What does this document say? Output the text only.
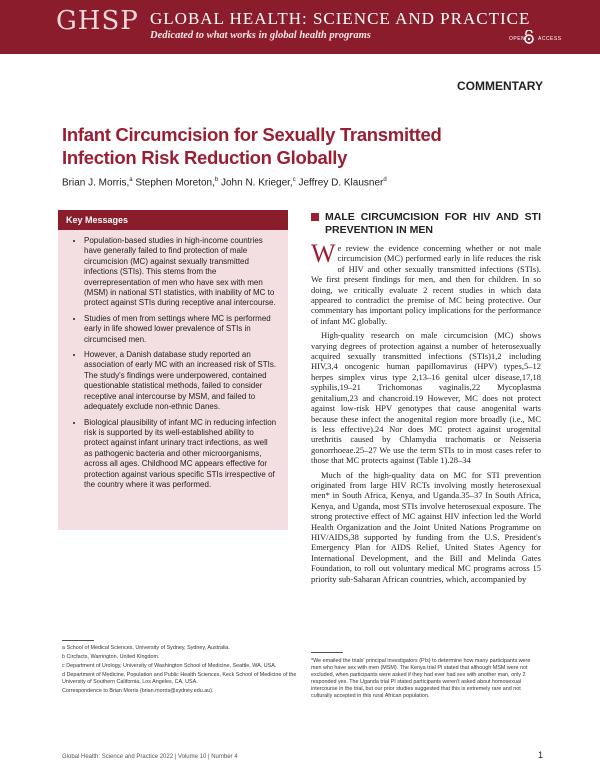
GHSP GLOBAL HEALTH: SCIENCE AND PRACTICE
Dedicated to what works in global health programs	OPEN	ACCESS
COMMENTARY
Infant Circumcision for Sexually Transmitted Infection Risk Reduction Globally
Brian J. Morris,$^a$ Stephen Moreton,$^b$ John N. Krieger,$^c$ Jeffrey D. Klausner$^d$
Key Messages
• Population-based studies in high-income countries have generally failed to find protection of male circumcision (MC) against sexually transmitted infections (STIs). This stems from the overrepresentation of men who have sex with men (MSM) in national STI statistics, with inability of MC to protect against STIs during receptive anal intercourse.
• Studies of men from settings where MC is performed early in life showed lower prevalence of STIs in circumcised men.
• However, a Danish database study reported an association of early MC with an increased risk of STIs. The study's findings were underpowered, contained questionable statistical methods, failed to consider receptive anal intercourse by MSM, and failed to adequately exclude non-ethnic Danes.
• Biological plausibility of infant MC in reducing infection risk is supported by its well-established ability to protect against infant urinary tract infections, as well as pathogenic bacteria and other microorganisms, across all ages. Childhood MC appears effective for protection against various specific STIs irrespective of the country where it was performed.

a School of Medical Sciences, University of Sydney, Sydney, Australia.

b Circfacts, Warrington, United Kingdom.

c Department of Urology, University of Washington School of Medicine, Seattle, WA, USA.

d Department of Medicine, Population and Public Health Sciences, Keck School of Medicine of the University of Southern California, Los Angeles, CA, USA.

Correspondence to Brian Morris (brian.morris@sydney.edu.au).

MALE CIRCUMCISION FOR HIV AND STI PREVENTION IN MEN

We review the evidence concerning whether or not male circumcision (MC) performed early in life reduces the risk of HIV and other sexually transmitted infections (STIs). We first present findings for men, and then for children. In so doing, we critically evaluate 2 recent studies in which data appeared to contradict the premise of MC being protective. Our commentary has important policy implications for the performance of infant MC globally.

High-quality research on male circumcision (MC) shows varying degrees of protection against a number of heterosexually acquired sexually transmitted infections (STIs)1,2 including HIV,3,4 oncogenic human papillomavirus (HPV) types,5–12 herpes simplex virus type 2,13–16 genital ulcer disease,17,18 syphilis,19–21 Trichomonas vaginalis,22 Mycoplasma genitalium,23 and chancroid.19 However, MC does not protect against low-risk HPV genotypes that cause anogenital warts because these infect the anogenital region more broadly (i.e., MC is less effective).24 Nor does MC protect against urogenital urethritis caused by Chlamydia trachomatis or Neisseria gonorrhoeae.25–27 We use the term STIs to in most cases refer to those that MC protects against (Table 1).28–34

Much of the high-quality data on MC for STI prevention originated from large HIV RCTs involving mostly heterosexual men* in South Africa, Kenya, and Uganda.35–37 In South Africa, Kenya, and Uganda, most STIs involve heterosexual exposure. The strong protective effect of MC against HIV infection led the World Health Organization and the Joint United Nations Programme on HIV/AIDS,38 supported by funding from the U.S. President's Emergency Plan for AIDS Relief, United States Agency for International Development, and the Bill and Melinda Gates Foundation, to roll out voluntary medical MC programs across 15 priority sub-Saharan African countries, which, accompanied by

*We emailed the trials' principal investigators (PIs) to determine how many participants were men who have sex with men (MSM). The Kenya trial PI stated that although MSM were not excluded, when participants were asked if they had ever had sex with another man, only 2 responded yes. The Uganda trial PI stated participants weren't asked about homosexual intercourse in the trial, but our prior studies suggested that this is extremely rare and not culturally accepted in this rural African population.
Global Health: Science and Practice 2022 | Volume 10 | Number 4	1
